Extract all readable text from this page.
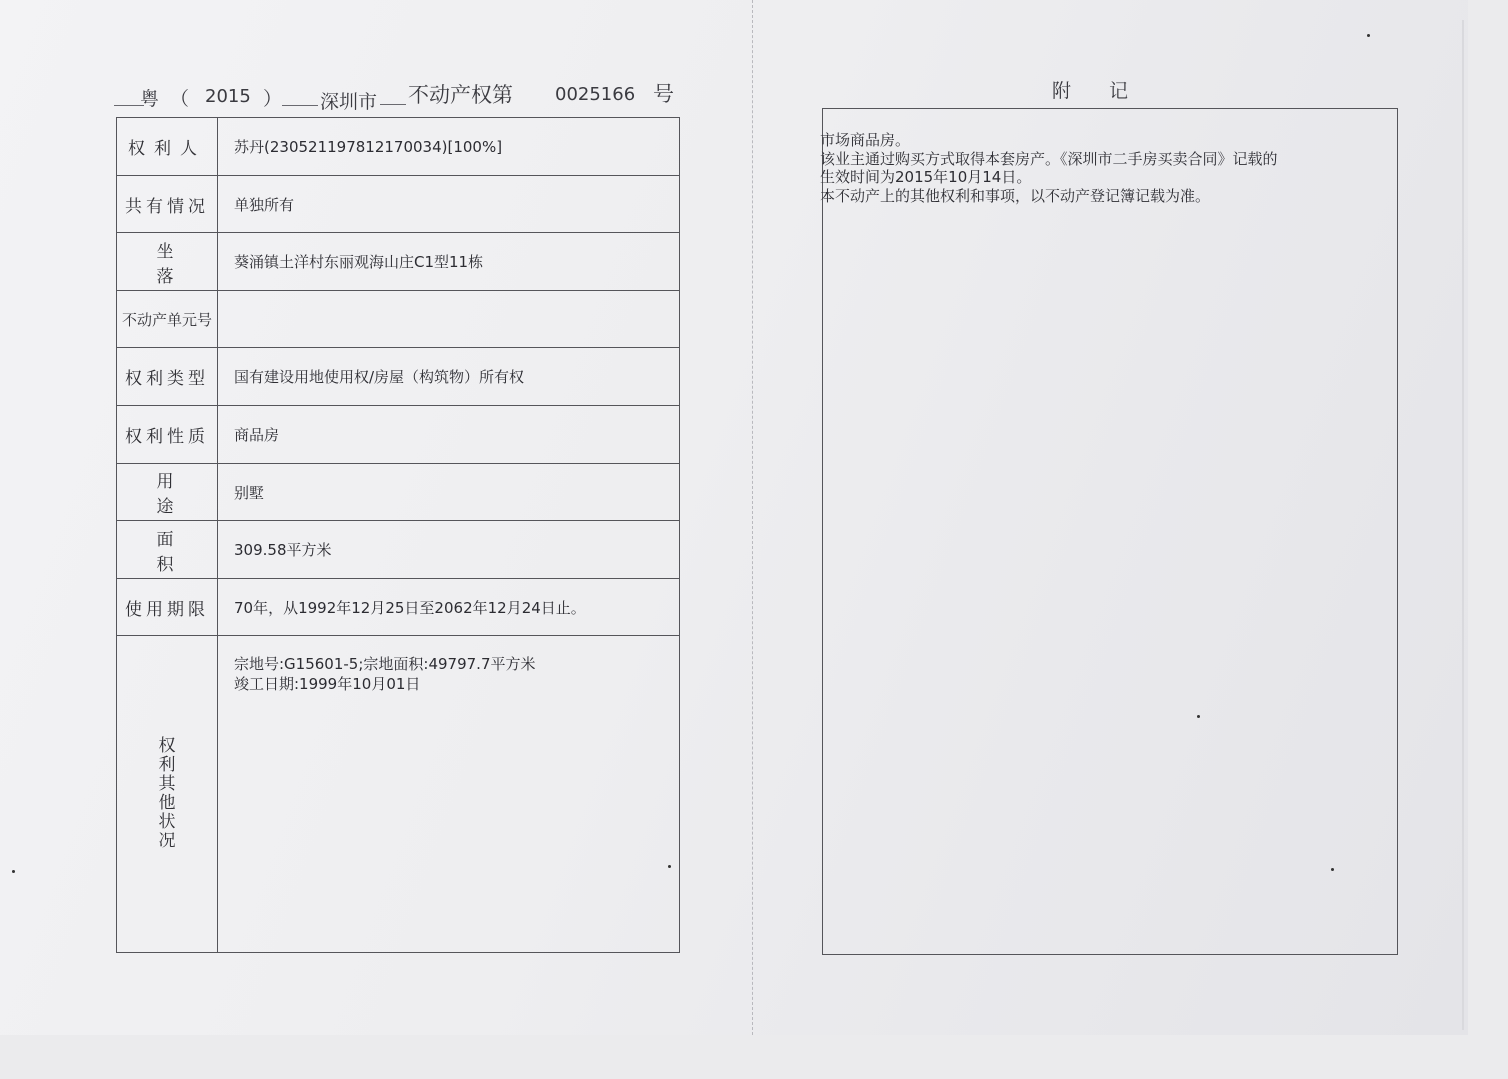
粤 （ 2015 ） 深圳市 不动产权第 0025166 号
权利人	苏丹(230521197812170034)[100%]
共有情况	单独所有
坐落	葵涌镇土洋村东丽观海山庄C1型11栋
不动产单元号	
权利类型	国有建设用地使用权/房屋（构筑物）所有权
权利性质	商品房
用途	别墅
面积	309.58平方米
使用期限	70年，从1992年12月25日至2062年12月24日止。
权利其他状况	宗地号:G15601-5;宗地面积:49797.7平方米
竣工日期:1999年10月01日
附　　记
市场商品房。
该业主通过购买方式取得本套房产。《深圳市二手房买卖合同》记载的
生效时间为2015年10月14日。
本不动产上的其他权利和事项，以不动产登记簿记载为准。
